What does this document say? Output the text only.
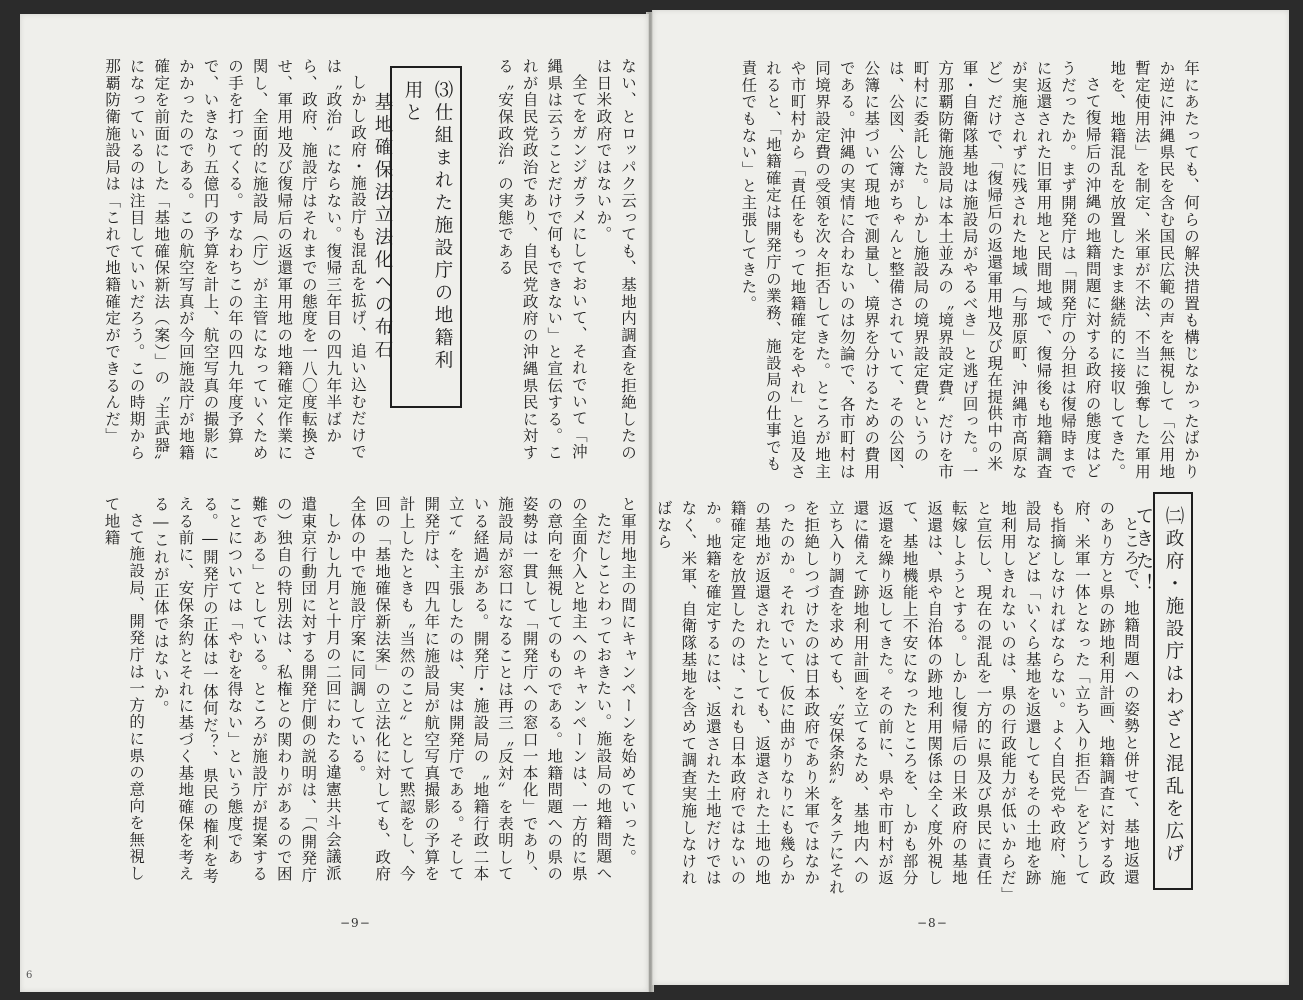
ない、とロッパク云っても、基地内調査を拒絶したのは日米政府ではないか。

全てをガンジガラメにしておいて、それでいて「沖縄県は云うことだけで何もできない」と宣伝する。これが自民党政治であり、自民党政府の沖縄県民に対する〝安保政治〟の実態である

⑶仕組まれた施設庁の地籍利用と
基地確保法立法化への布石

しかし政府・施設庁も混乱を拡げ、追い込むだけでは〝政治〟にならない。復帰三年目の四九年半ばから、政府、施設庁はそれまでの態度を一八〇度転換させ、軍用地及び復帰后の返還軍用地の地籍確定作業に関し、全面的に施設局（庁）が主管になっていくための手を打ってくる。すなわちこの年の四九年度予算で、いきなり五億円の予算を計上、航空写真の撮影にかかったのである。この航空写真が今回施設庁が地籍確定を前面にした「基地確保新法（案）」の〝主武器〟になっているのは注目していいだろう。この時期から那覇防衛施設局は「これで地籍確定ができるんだ」

と軍用地主の間にキャンペーンを始めていった。

ただしことわっておきたい。施設局の地籍問題への全面介入と地主へのキャンペーンは、一方的に県の意向を無視してのものである。地籍問題への県の姿勢は一貫して「開発庁への窓口一本化」であり、施設局が窓口になることは再三〝反対〟を表明している経過がある。開発庁・施設局の〝地籍行政二本立て〟を主張したのは、実は開発庁である。そして開発庁は、四九年に施設局が航空写真撮影の予算を計上したときも〝当然のこと〟として黙認をし、今回の「基地確保新法案」の立法化に対しても、政府全体の中で施設庁案に同調している。

しかし九月と十月の二回にわたる違憲共斗会議派遣東京行動団に対する開発庁側の説明は、「（開発庁の）独自の特別法は、私権との関わりがあるので困難である」としている。ところが施設庁が提案することについては「やむを得ない」という態度である。―開発庁の正体は一体何だ？、県民の権利を考える前に、安保条約とそれに基づく基地確保を考える―これが正体ではないか。

さて施設局、開発庁は一方的に県の意向を無視して地籍

−9−
6

年にあたっても、何らの解決措置も構じなかったばかりか逆に沖縄県民を含む国民広範の声を無視して「公用地暫定使用法」を制定、米軍が不法、不当に強奪した軍用地を、地籍混乱を放置したまま継続的に接収してきた。

さて復帰后の沖縄の地籍問題に対する政府の態度はどうだったか。まず開発庁は「開発庁の分担は復帰時までに返還された旧軍用地と民間地域で、復帰後も地籍調査が実施されずに残された地域（与那原町、沖縄市高原など）だけで、「復帰后の返還軍用地及び現在提供中の米軍・自衛隊基地は施設局がやるべき」と逃げ回った。一方那覇防衛施設局は本土並みの〝境界設定費〟だけを市町村に委託した。しかし施設局の境界設定費というのは、公図、公簿がちゃんと整備されていて、その公図、公簿に基づいて現地で測量し、境界を分けるための費用である。沖縄の実情に合わないのは勿論で、各市町村は同境界設定費の受領を次々拒否してきた。ところが地主や市町村から「責任をもって地籍確定をやれ」と追及されると、「地籍確定は開発庁の業務、施設局の仕事でも責任でもない」と主張してきた。

㈡政府・施設庁はわざと混乱を広げてきた！

ところで、地籍問題への姿勢と併せて、基地返還のあり方と県の跡地利用計画、地籍調査に対する政府、米軍一体となった「立ち入り拒否」をどうしても指摘しなければならない。よく自民党や政府、施設局などは「いくら基地を返還してもその土地を跡地利用しきれないのは、県の行政能力が低いからだ」と宣伝し、現在の混乱を一方的に県及び県民に責任転嫁しようとする。しかし復帰后の日米政府の基地返還は、県や自治体の跡地利用関係は全く度外視して、基地機能上不安になったところを、しかも部分返還を繰り返してきた。その前に、県や市町村が返還に備えて跡地利用計画を立てるため、基地内への立ち入り調査を求めても、〝安保条約〟をタテにそれを拒絶しつづけたのは日本政府であり米軍ではなかったのか。それでいて、仮に曲がりなりにも幾らかの基地が返還されたとしても、返還された土地の地籍確定を放置したのは、これも日本政府ではないのか。地籍を確定するには、返還された土地だけではなく、米軍、自衛隊基地を含めて調査実施しなければなら

−8−
